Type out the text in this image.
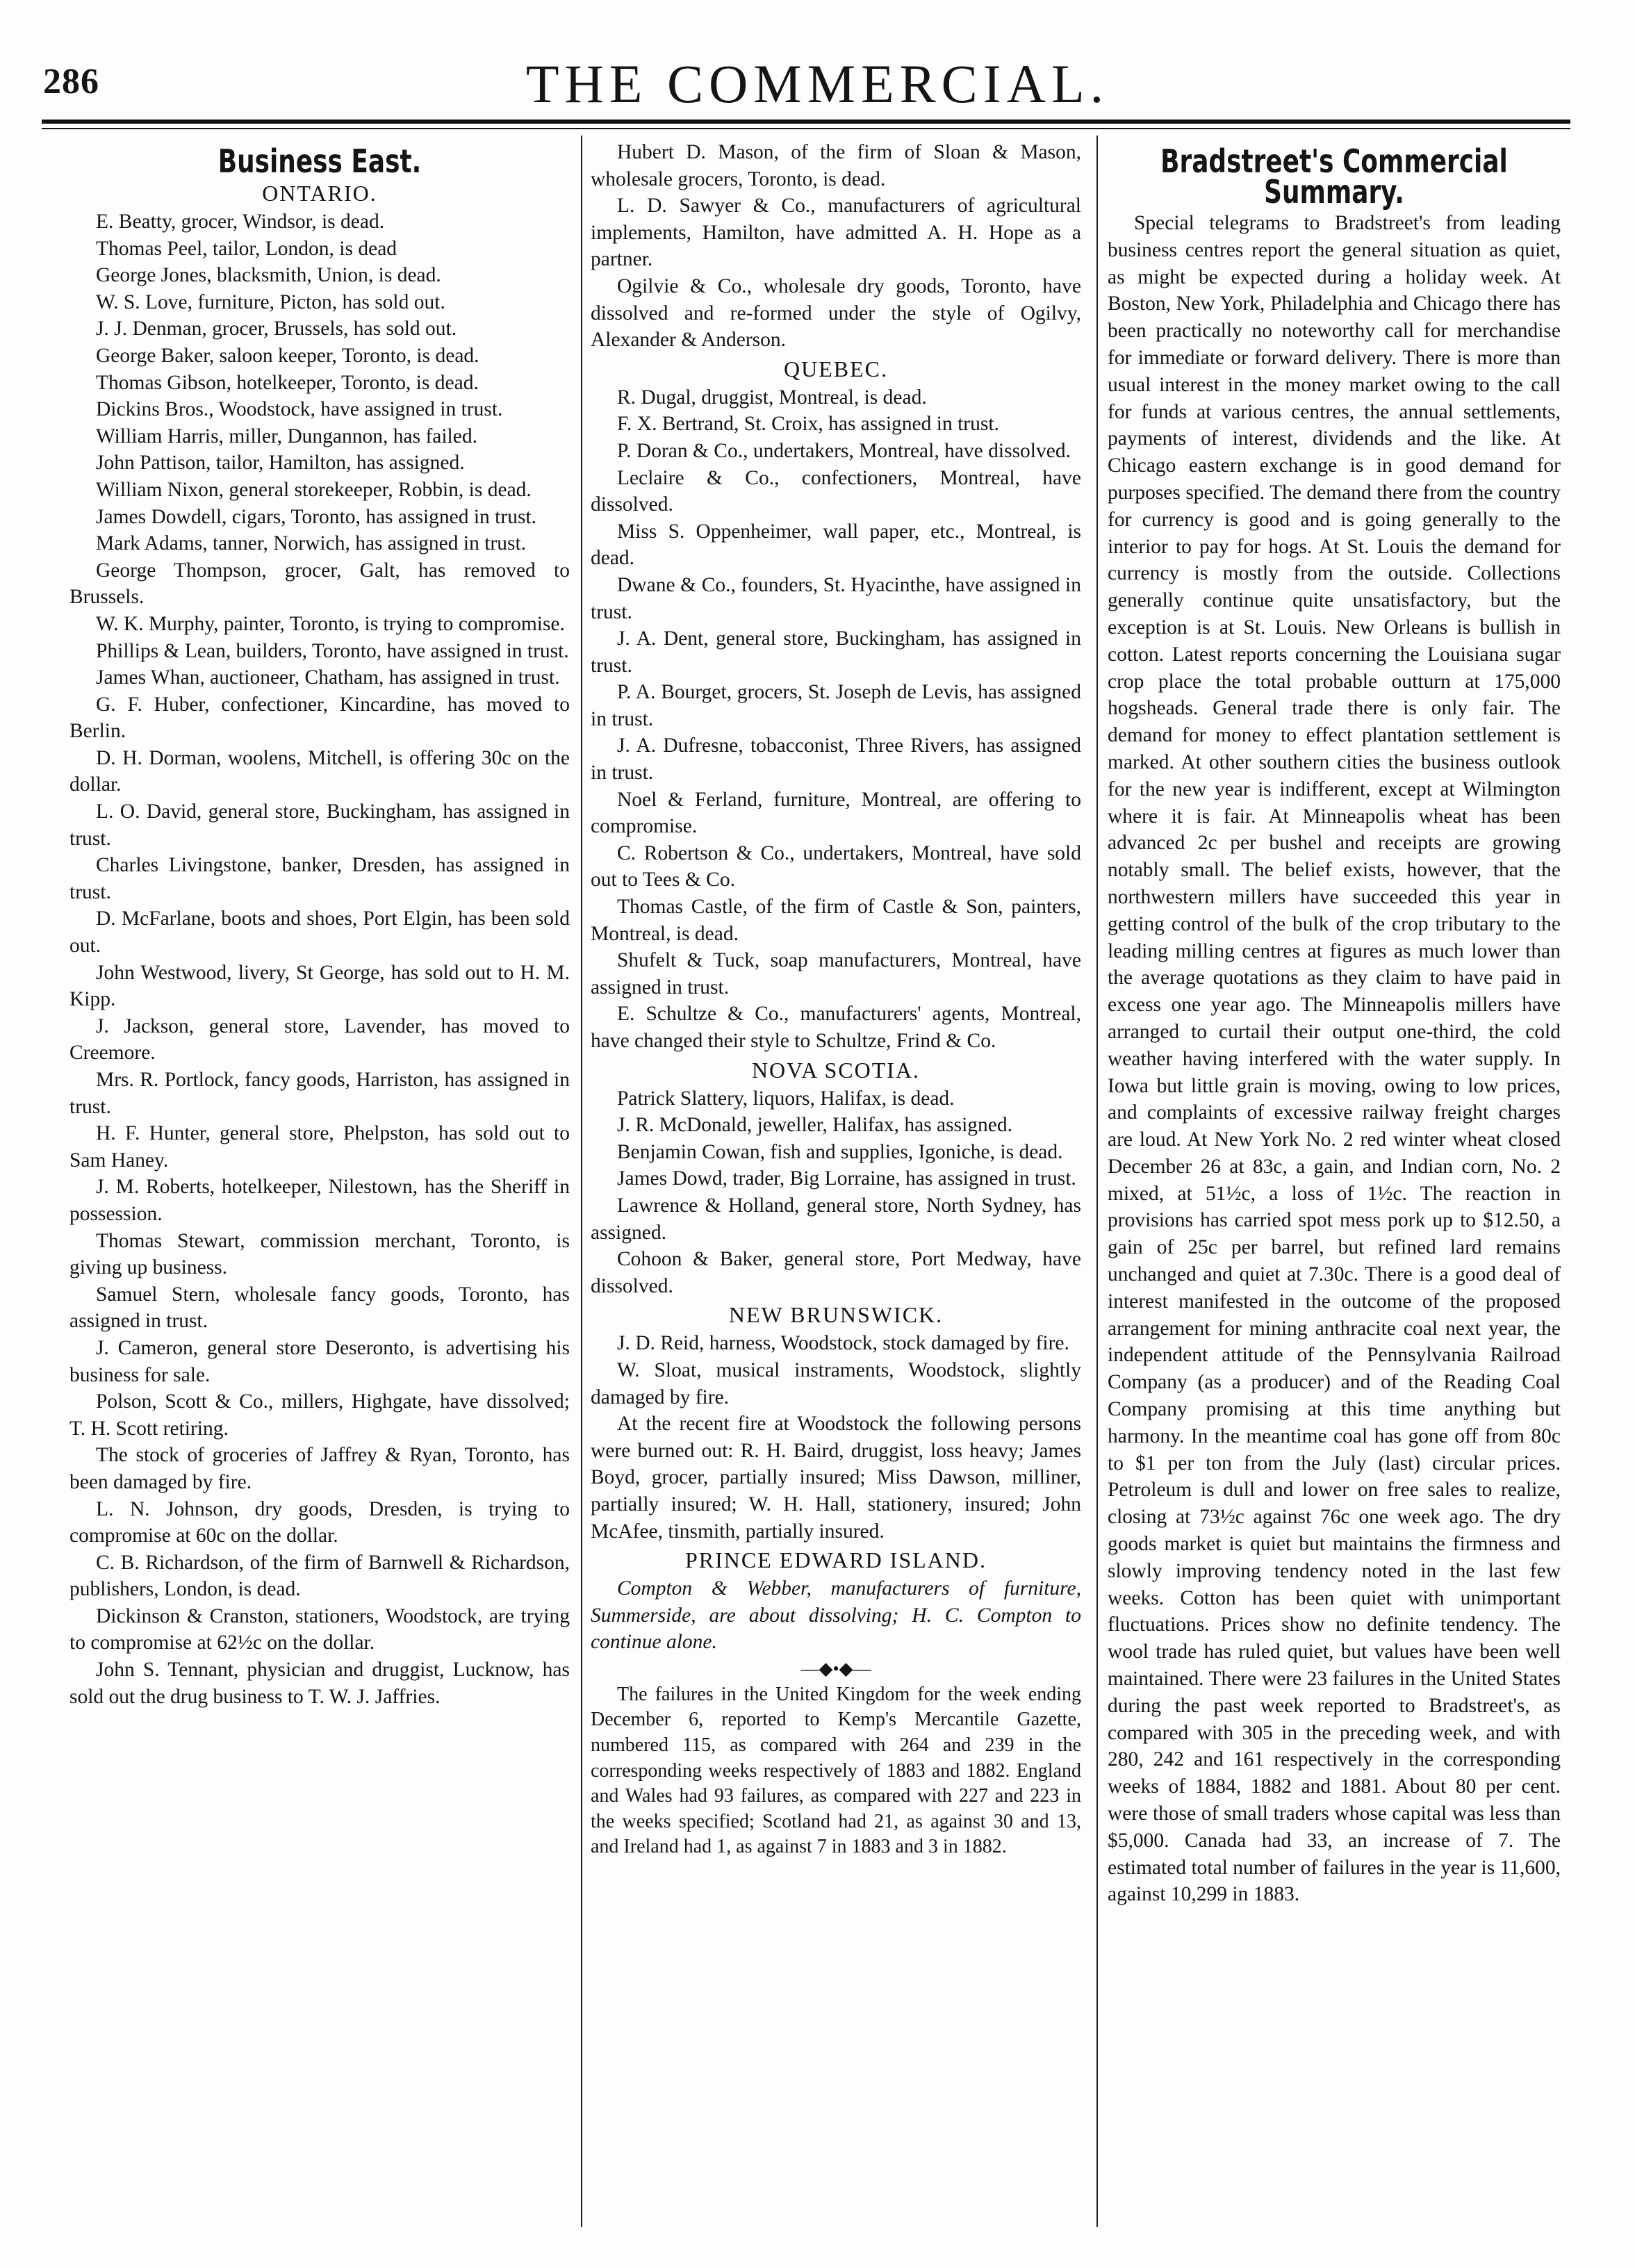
286	THE COMMERCIAL.
Business East.
ONTARIO.

E. Beatty, grocer, Windsor, is dead.

Thomas Peel, tailor, London, is dead

George Jones, blacksmith, Union, is dead.

W. S. Love, furniture, Picton, has sold out.

J. J. Denman, grocer, Brussels, has sold out.

George Baker, saloon keeper, Toronto, is dead.

Thomas Gibson, hotelkeeper, Toronto, is dead.

Dickins Bros., Woodstock, have assigned in trust.

William Harris, miller, Dungannon, has failed.

John Pattison, tailor, Hamilton, has assigned.

William Nixon, general storekeeper, Robbin, is dead.

James Dowdell, cigars, Toronto, has assigned in trust.

Mark Adams, tanner, Norwich, has assigned in trust.

George Thompson, grocer, Galt, has removed to Brussels.

W. K. Murphy, painter, Toronto, is trying to compromise.

Phillips & Lean, builders, Toronto, have assigned in trust.

James Whan, auctioneer, Chatham, has assigned in trust.

G. F. Huber, confectioner, Kincardine, has moved to Berlin.

D. H. Dorman, woolens, Mitchell, is offering 30c on the dollar.

L. O. David, general store, Buckingham, has assigned in trust.

Charles Livingstone, banker, Dresden, has assigned in trust.

D. McFarlane, boots and shoes, Port Elgin, has been sold out.

John Westwood, livery, St George, has sold out to H. M. Kipp.

J. Jackson, general store, Lavender, has moved to Creemore.

Mrs. R. Portlock, fancy goods, Harriston, has assigned in trust.

H. F. Hunter, general store, Phelpston, has sold out to Sam Haney.

J. M. Roberts, hotelkeeper, Nilestown, has the Sheriff in possession.

Thomas Stewart, commission merchant, Toronto, is giving up business.

Samuel Stern, wholesale fancy goods, Toronto, has assigned in trust.

J. Cameron, general store Deseronto, is advertising his business for sale.

Polson, Scott & Co., millers, Highgate, have dissolved; T. H. Scott retiring.

The stock of groceries of Jaffrey & Ryan, Toronto, has been damaged by fire.

L. N. Johnson, dry goods, Dresden, is trying to compromise at 60c on the dollar.

C. B. Richardson, of the firm of Barnwell & Richardson, publishers, London, is dead.

Dickinson & Cranston, stationers, Woodstock, are trying to compromise at 62½c on the dollar.

John S. Tennant, physician and druggist, Lucknow, has sold out the drug business to T. W. J. Jaffries.

Hubert D. Mason, of the firm of Sloan & Mason, wholesale grocers, Toronto, is dead.

L. D. Sawyer & Co., manufacturers of agricultural implements, Hamilton, have admitted A. H. Hope as a partner.

Ogilvie & Co., wholesale dry goods, Toronto, have dissolved and re-formed under the style of Ogilvy, Alexander & Anderson.

QUEBEC.

R. Dugal, druggist, Montreal, is dead.

F. X. Bertrand, St. Croix, has assigned in trust.

P. Doran & Co., undertakers, Montreal, have dissolved.

Leclaire & Co., confectioners, Montreal, have dissolved.

Miss S. Oppenheimer, wall paper, etc., Montreal, is dead.

Dwane & Co., founders, St. Hyacinthe, have assigned in trust.

J. A. Dent, general store, Buckingham, has assigned in trust.

P. A. Bourget, grocers, St. Joseph de Levis, has assigned in trust.

J. A. Dufresne, tobacconist, Three Rivers, has assigned in trust.

Noel & Ferland, furniture, Montreal, are offering to compromise.

C. Robertson & Co., undertakers, Montreal, have sold out to Tees & Co.

Thomas Castle, of the firm of Castle & Son, painters, Montreal, is dead.

Shufelt & Tuck, soap manufacturers, Montreal, have assigned in trust.

E. Schultze & Co., manufacturers' agents, Montreal, have changed their style to Schultze, Frind & Co.

NOVA SCOTIA.

Patrick Slattery, liquors, Halifax, is dead.

J. R. McDonald, jeweller, Halifax, has assigned.

Benjamin Cowan, fish and supplies, Igoniche, is dead.

James Dowd, trader, Big Lorraine, has assigned in trust.

Lawrence & Holland, general store, North Sydney, has assigned.

Cohoon & Baker, general store, Port Medway, have dissolved.

NEW BRUNSWICK.

J. D. Reid, harness, Woodstock, stock damaged by fire.

W. Sloat, musical instraments, Woodstock, slightly damaged by fire.

At the recent fire at Woodstock the following persons were burned out: R. H. Baird, druggist, loss heavy; James Boyd, grocer, partially insured; Miss Dawson, milliner, partially insured; W. H. Hall, stationery, insured; John McAfee, tinsmith, partially insured.

PRINCE EDWARD ISLAND.

Compton & Webber, manufacturers of furniture, Summerside, are about dissolving; H. C. Compton to continue alone.

—◆•◆—

The failures in the United Kingdom for the week ending December 6, reported to Kemp's Mercantile Gazette, numbered 115, as compared with 264 and 239 in the corresponding weeks respectively of 1883 and 1882. England and Wales had 93 failures, as compared with 227 and 223 in the weeks specified; Scotland had 21, as against 30 and 13, and Ireland had 1, as against 7 in 1883 and 3 in 1882.

Bradstreet's Commercial Summary.

Special telegrams to Bradstreet's from leading business centres report the general situation as quiet, as might be expected during a holiday week. At Boston, New York, Philadelphia and Chicago there has been practically no noteworthy call for merchandise for immediate or forward delivery. There is more than usual interest in the money market owing to the call for funds at various centres, the annual settlements, payments of interest, dividends and the like. At Chicago eastern exchange is in good demand for purposes specified. The demand there from the country for currency is good and is going generally to the interior to pay for hogs. At St. Louis the demand for currency is mostly from the outside. Collections generally continue quite unsatisfactory, but the exception is at St. Louis. New Orleans is bullish in cotton. Latest reports concerning the Louisiana sugar crop place the total probable outturn at 175,000 hogsheads. General trade there is only fair. The demand for money to effect plantation settlement is marked. At other southern cities the business outlook for the new year is indifferent, except at Wilmington where it is fair. At Minneapolis wheat has been advanced 2c per bushel and receipts are growing notably small. The belief exists, however, that the northwestern millers have succeeded this year in getting control of the bulk of the crop tributary to the leading milling centres at figures as much lower than the average quotations as they claim to have paid in excess one year ago. The Minneapolis millers have arranged to curtail their output one-third, the cold weather having interfered with the water supply. In Iowa but little grain is moving, owing to low prices, and complaints of excessive railway freight charges are loud. At New York No. 2 red winter wheat closed December 26 at 83c, a gain, and Indian corn, No. 2 mixed, at 51½c, a loss of 1½c. The reaction in provisions has carried spot mess pork up to $12.50, a gain of 25c per barrel, but refined lard remains unchanged and quiet at 7.30c. There is a good deal of interest manifested in the outcome of the proposed arrangement for mining anthracite coal next year, the independent attitude of the Pennsylvania Railroad Company (as a producer) and of the Reading Coal Company promising at this time anything but harmony. In the meantime coal has gone off from 80c to $1 per ton from the July (last) circular prices. Petroleum is dull and lower on free sales to realize, closing at 73½c against 76c one week ago. The dry goods market is quiet but maintains the firmness and slowly improving tendency noted in the last few weeks. Cotton has been quiet with unimportant fluctuations. Prices show no definite tendency. The wool trade has ruled quiet, but values have been well maintained. There were 23 failures in the United States during the past week reported to Bradstreet's, as compared with 305 in the preceding week, and with 280, 242 and 161 respectively in the corresponding weeks of 1884, 1882 and 1881. About 80 per cent. were those of small traders whose capital was less than $5,000. Canada had 33, an increase of 7. The estimated total number of failures in the year is 11,600, against 10,299 in 1883.
